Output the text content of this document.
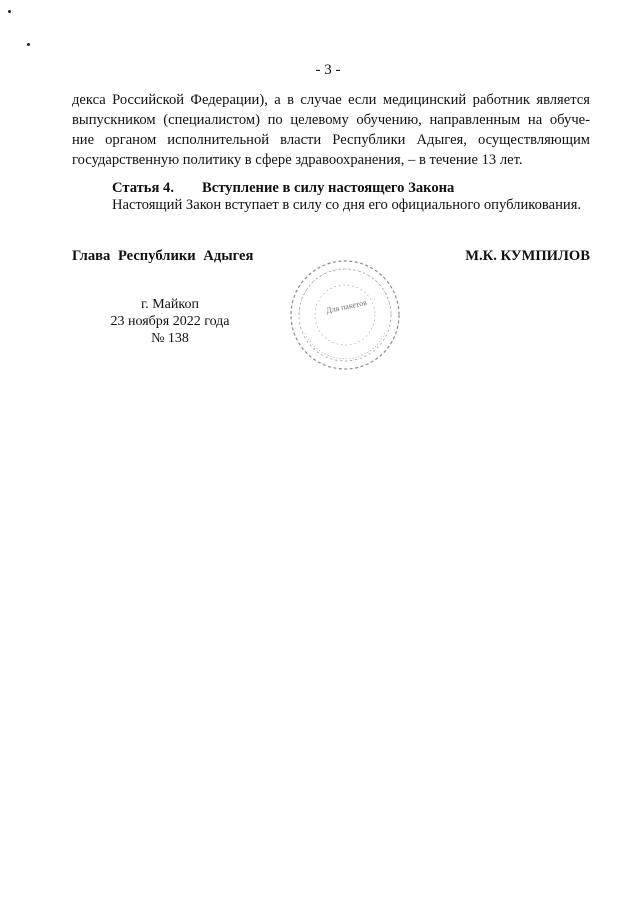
- 3 -
декса Российской Федерации), а в случае если медицинский работник является
выпускником (специалистом) по целевому обучению, направленным на обуче-
ние органом исполнительной власти Республики Адыгея, осуществляющим
государственную политику в сфере здравоохранения, – в течение 13 лет.
Статья 4. Вступление в силу настоящего Закона
Настоящий Закон вступает в силу со дня его официального опубликования.
Глава Республики Адыгея	М.К. КУМПИЛОВ
г. Майкоп
23 ноября 2022 года
№ 138
Для пакетов
